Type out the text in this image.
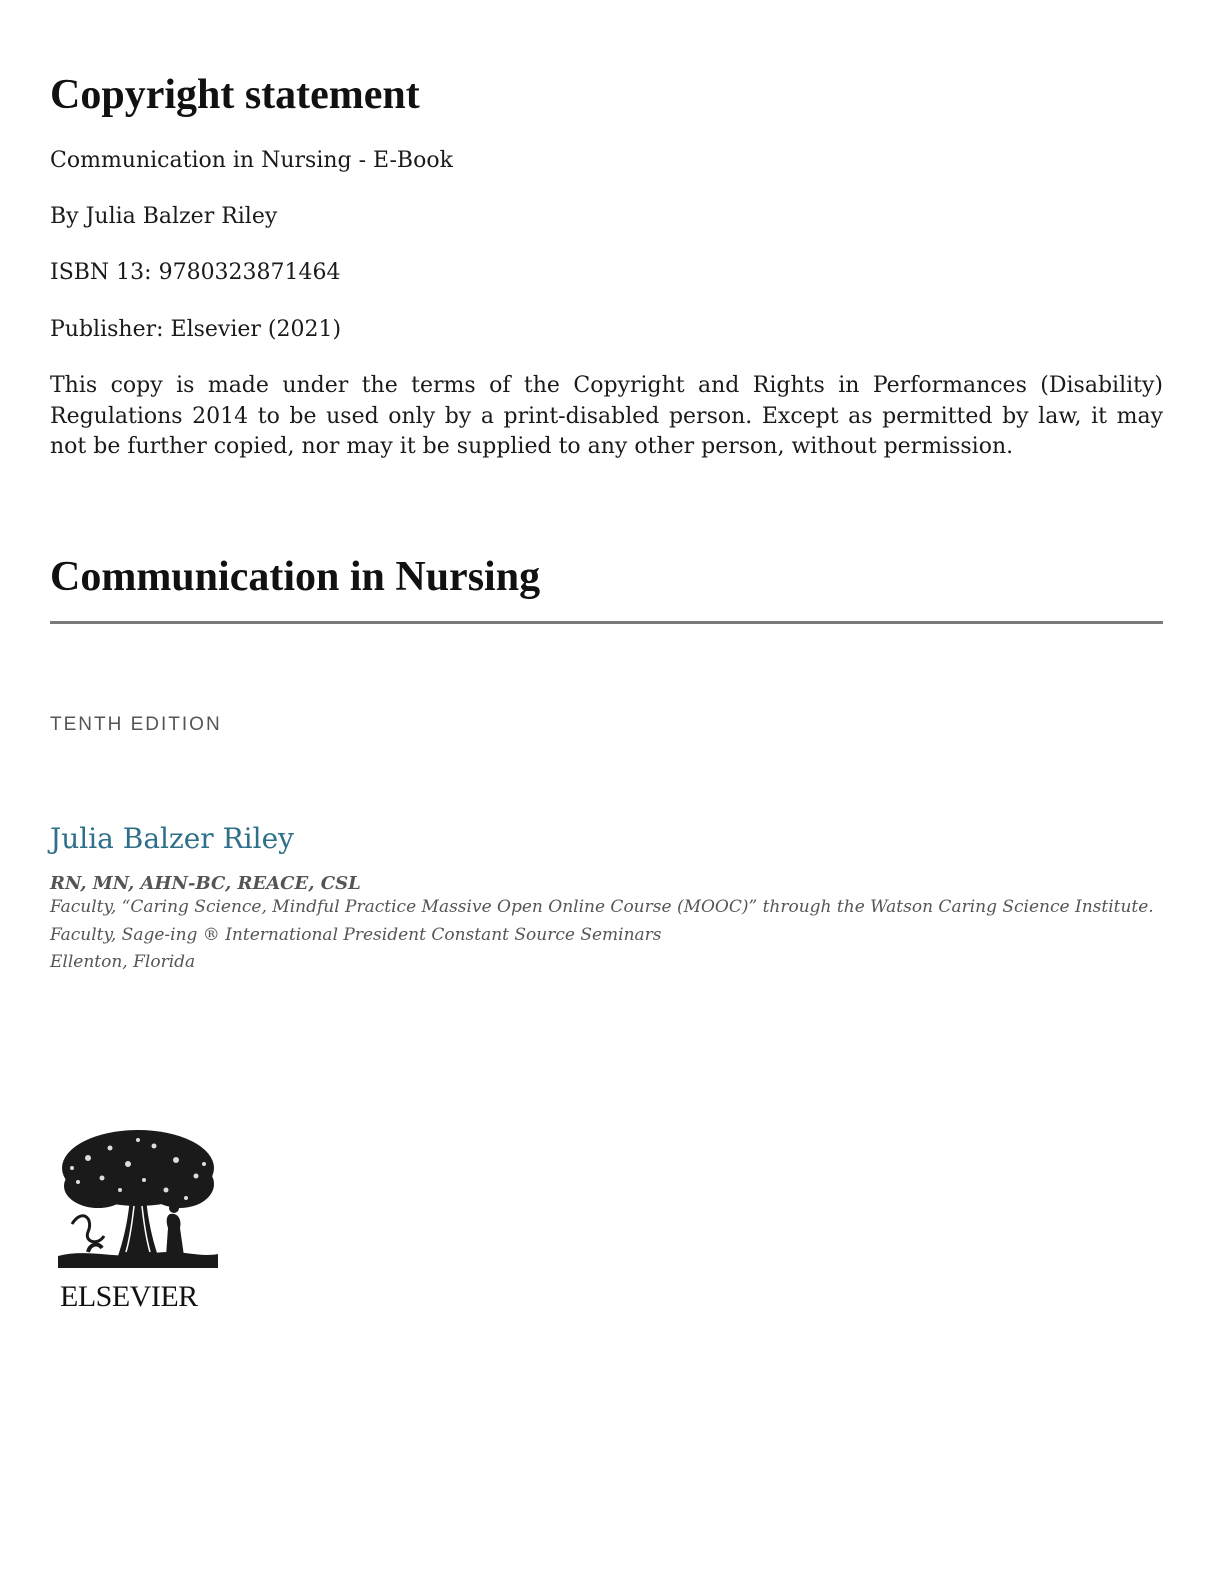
Copyright statement

Communication in Nursing - E-Book

By Julia Balzer Riley

ISBN 13: 9780323871464

Publisher: Elsevier (2021)

This copy is made under the terms of the Copyright and Rights in Performances (Disability) Regulations 2014 to be used only by a print-disabled person. Except as permitted by law, it may not be further copied, nor may it be supplied to any other person, without permission.

Communication in Nursing

TENTH EDITION

Julia Balzer Riley

RN, MN, AHN-BC, REACE, CSL

Faculty, “Caring Science, Mindful Practice Massive Open Online Course (MOOC)” through the Watson Caring Science Institute.
Faculty, Sage-ing ® International President Constant Source Seminars
Ellenton, Florida
ELSEVIER
